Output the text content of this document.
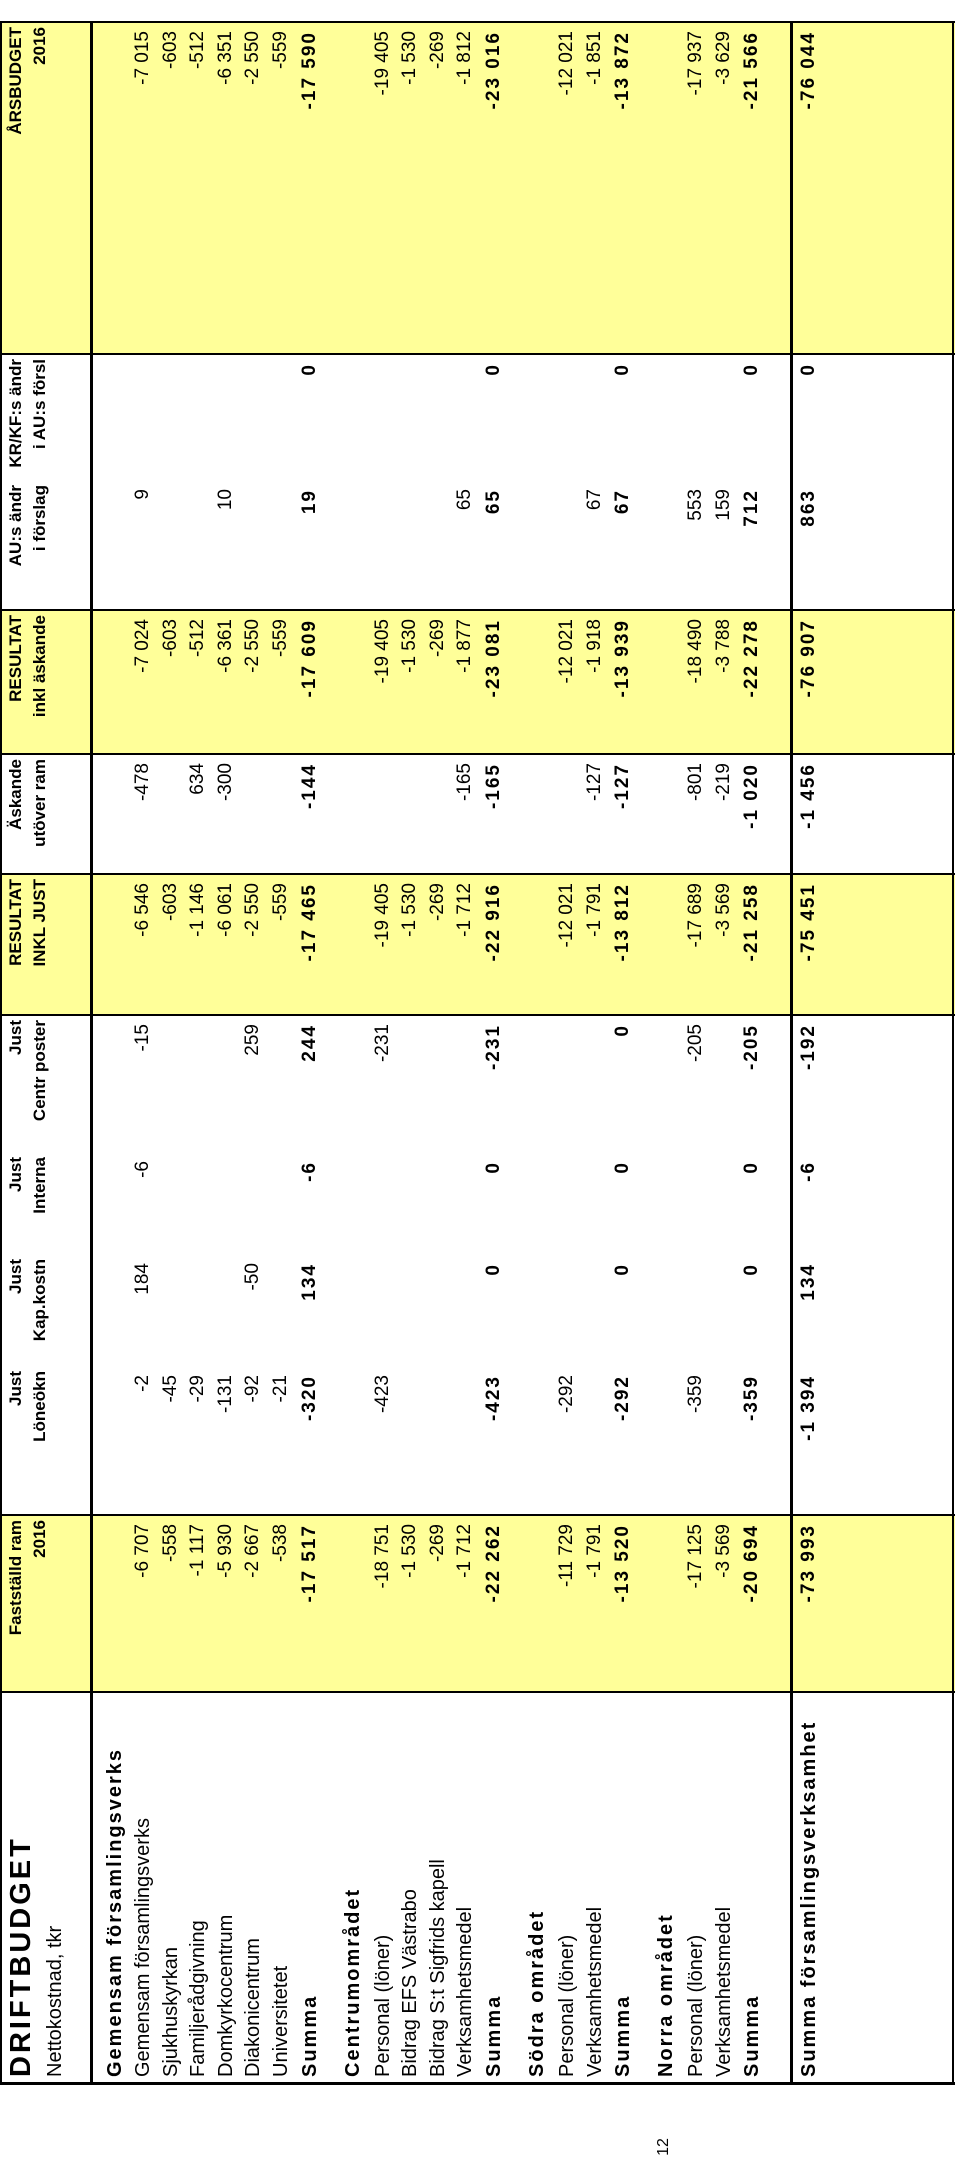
12
DRIFTBUDGET Nettokostnad, tkr
Fastställd ram 2016
Just Löneökn
Just Kap.kostn
Just Interna
Just Centr poster
RESULTAT INKL JUST
Äskande utöver ram
RESULTAT inkl äskande
AU:s ändr i förslag
KR/KF:s ändr i AU:s försl
ÅRSBUDGET 2016
Gemensam församlingsverks Gemensam församlingsverks
-6 707
-2
184
-6
-15
-6 546
-478
-7 024
9
-7 015
Sjukhuskyrkan
-558
-45
-603
-603
-603
Familjerådgivning
-1 117
-29
-1 146
634
-512
-512
Domkyrkocentrum
-5 930
-131
-6 061
-300
-6 361
10
-6 351
Diakonicentrum
-2 667
-92
-50
259
-2 550
-2 550
-2 550
Universitetet
-538
-21
-559
-559
-559
Summa
-17 517
-320
134
-6
244
-17 465
-144
-17 609
19
0
-17 590
Centrumområdet Personal (löner)
-18 751
-423
-231
-19 405
-19 405
-19 405
Bidrag EFS Västrabo
-1 530
-1 530
-1 530
-1 530
Bidrag S:t Sigfrids kapell
-269
-269
-269
-269
Verksamhetsmedel
-1 712
-1 712
-165
-1 877
65
-1 812
Summa
-22 262
-423
0
0
-231
-22 916
-165
-23 081
65
0
-23 016
Södra området Personal (löner)
-11 729
-292
-12 021
-12 021
-12 021
Verksamhetsmedel
-1 791
-1 791
-127
-1 918
67
-1 851
Summa
-13 520
-292
0
0
0
-13 812
-127
-13 939
67
0
-13 872
Norra området Personal (löner)
-17 125
-359
-205
-17 689
-801
-18 490
553
-17 937
Verksamhetsmedel
-3 569
-3 569
-219
-3 788
159
-3 629
Summa
-20 694
-359
0
0
-205
-21 258
-1 020
-22 278
712
0
-21 566
Summa församlingsverksamhet
-73 993
-1 394
134
-6
-192
-75 451
-1 456
-76 907
863
0
-76 044
